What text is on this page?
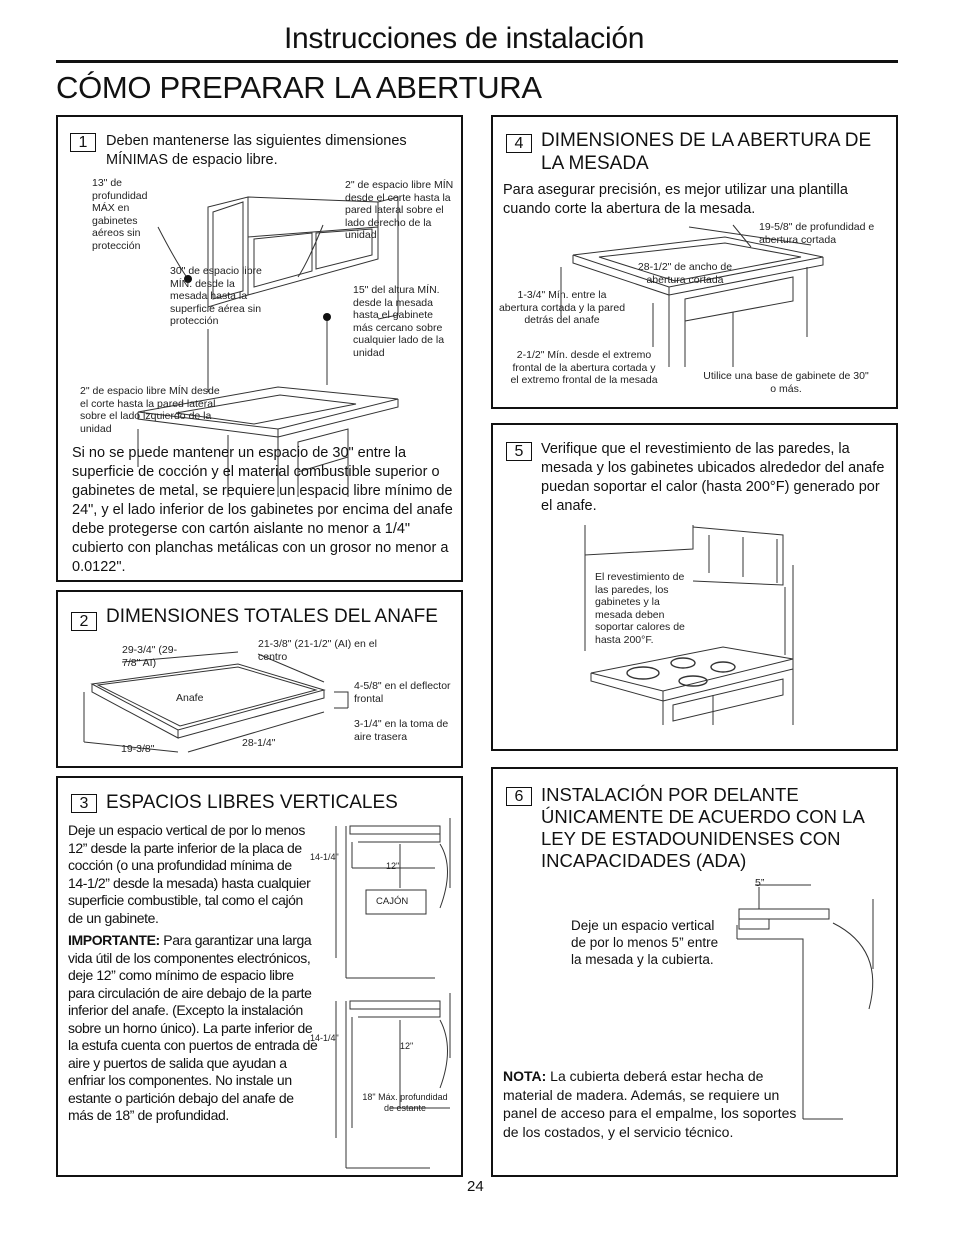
Instrucciones de instalación
CÓMO PREPARAR LA ABERTURA
1	Deben mantenerse las siguientes dimensiones MÍNIMAS de espacio libre.
13" de profundidad MÁX en gabinetes aéreos sin protección
2" de espacio libre MÍN desde el corte hasta la pared lateral sobre el lado derecho de la unidad
30" de espacio libre MÍN. desde la mesada hasta la superficie aérea sin protección
15" del altura MÍN. desde la mesada hasta el gabinete más cercano sobre cualquier lado de la unidad
2" de espacio libre MÍN desde el corte hasta la pared lateral sobre el lado izquierdo de la unidad
Si no se puede mantener un espacio de 30" entre la superficie de cocción y el material combustible superior o gabinetes de metal, se requiere un espacio libre mínimo de 24", y el lado inferior de los gabinetes por encima del anafe debe protegerse con cartón aislante no menor a 1/4" cubierto con planchas metálicas con un grosor no menor a 0.0122".
2 DIMENSIONES TOTALES DEL ANAFE
29-3/4" (29-7/8" AI)
21-3/8" (21-1/2" (AI) en el centro
Anafe
4-5/8" en el deflector frontal
3-1/4" en la toma de aire trasera
28-1/4"
19-3/8"
3 ESPACIOS LIBRES VERTICALES
Deje un espacio vertical de por lo menos 12” desde la parte inferior de la placa de cocción (o una profundidad mínima de 14-1/2” desde la mesada) hasta cualquier superficie combustible, tal como el cajón de un gabinete.
IMPORTANTE: Para garantizar una larga vida útil de los componentes electrónicos, deje 12” como mínimo de espacio libre para circulación de aire debajo de la parte inferior del anafe. (Excepto la instalación sobre un horno único). La parte inferior de la estufa cuenta con puertos de entrada de aire y puertos de salida que ayudan a enfriar los componentes. No instale un estante o partición debajo del anafe de más de 18” de profundidad.
14-1/4"
12"
CAJÓN
14-1/4"
12"
18" Máx. profundidad de estante
4 DIMENSIONES DE LA ABERTURA DE LA MESADA
Para asegurar precisión, es mejor utilizar una plantilla cuando corte la abertura de la mesada.
19-5/8" de profundidad e abertura cortada
28-1/2" de ancho de abertura cortada
1-3/4" Mín. entre la abertura cortada y la pared detrás del anafe
2-1/2" Mín. desde el extremo frontal de la abertura cortada y el extremo frontal de la mesada	Utilice una base de gabinete de 30" o más.
5	Verifique que el revestimiento de las paredes, la mesada y los gabinetes ubicados alrededor del anafe puedan soportar el calor (hasta 200°F) generado por el anafe.
El revestimiento de las paredes, los gabinetes y la mesada deben soportar calores de hasta 200°F.
6 INSTALACIÓN POR DELANTE ÚNICAMENTE DE ACUERDO CON LA LEY DE ESTADOUNIDENSES CON INCAPACIDADES (ADA)
5”
Deje un espacio vertical de por lo menos 5” entre la mesada y la cubierta.
NOTA: La cubierta deberá estar hecha de material de madera. Además, se requiere un panel de acceso para el empalme, los soportes de los costados, y el servicio técnico.
24
